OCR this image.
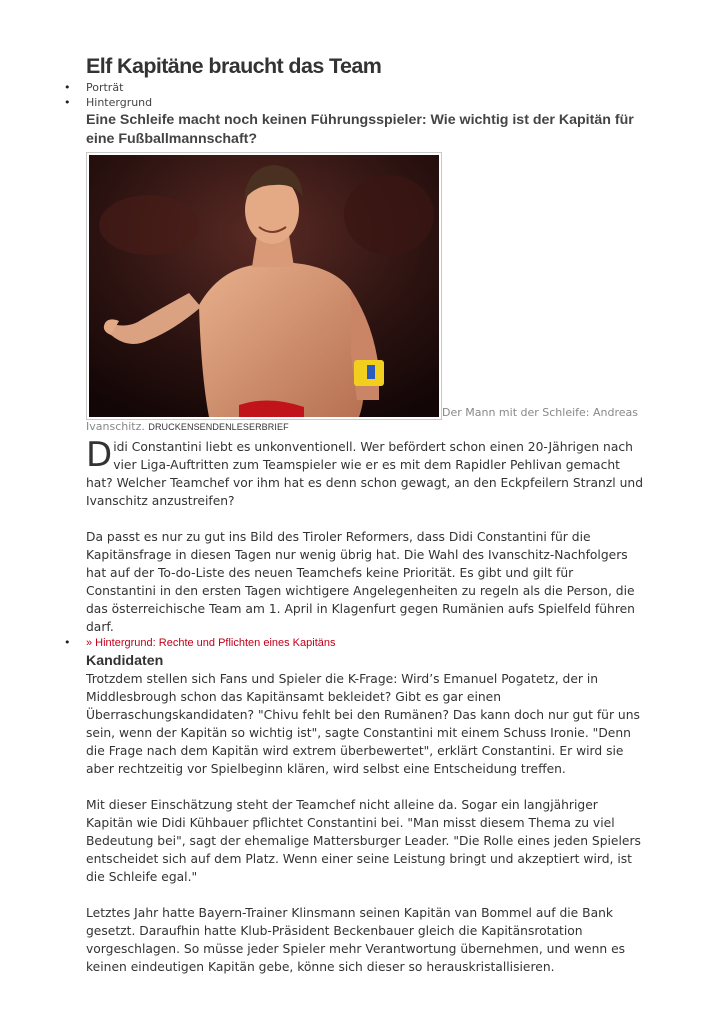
Elf Kapitäne braucht das Team
• Porträt
• Hintergrund
Eine Schleife macht noch keinen Führungsspieler: Wie wichtig ist der Kapitän für eine Fußballmannschaft?
Der Mann mit der Schleife: Andreas Ivanschitz. DRUCKENSENDENLESERBRIEF

Didi Constantini liebt es unkonventionell. Wer befördert schon einen 20-Jährigen nach vier Liga-Auftritten zum Teamspieler wie er es mit dem Rapidler Pehlivan gemacht hat? Welcher Teamchef vor ihm hat es denn schon gewagt, an den Eckpfeilern Stranzl und Ivanschitz anzustreifen?

Da passt es nur zu gut ins Bild des Tiroler Reformers, dass Didi Constantini für die Kapitänsfrage in diesen Tagen nur wenig übrig hat. Die Wahl des Ivanschitz-Nachfolgers hat auf der To-do-Liste des neuen Teamchefs keine Priorität. Es gibt und gilt für Constantini in den ersten Tagen wichtigere Angelegenheiten zu regeln als die Person, die das österreichische Team am 1. April in Klagenfurt gegen Rumänien aufs Spielfeld führen darf.

• » Hintergrund: Rechte und Pflichten eines Kapitäns
Kandidaten

Trotzdem stellen sich Fans und Spieler die K-Frage: Wird’s Emanuel Pogatetz, der in Middlesbrough schon das Kapitänsamt bekleidet? Gibt es gar einen Überraschungskandidaten? "Chivu fehlt bei den Rumänen? Das kann doch nur gut für uns sein, wenn der Kapitän so wichtig ist", sagte Constantini mit einem Schuss Ironie. "Denn die Frage nach dem Kapitän wird extrem überbewertet", erklärt Constantini. Er wird sie aber rechtzeitig vor Spielbeginn klären, wird selbst eine Entscheidung treffen.

Mit dieser Einschätzung steht der Teamchef nicht alleine da. Sogar ein langjähriger Kapitän wie Didi Kühbauer pflichtet Constantini bei. "Man misst diesem Thema zu viel Bedeutung bei", sagt der ehemalige Mattersburger Leader. "Die Rolle eines jeden Spielers entscheidet sich auf dem Platz. Wenn einer seine Leistung bringt und akzeptiert wird, ist die Schleife egal."

Letztes Jahr hatte Bayern-Trainer Klinsmann seinen Kapitän van Bommel auf die Bank gesetzt. Daraufhin hatte Klub-Präsident Beckenbauer gleich die Kapitänsrotation vorgeschlagen. So müsse jeder Spieler mehr Verantwortung übernehmen, und wenn es keinen eindeutigen Kapitän gebe, könne sich dieser so herauskristallisieren.
